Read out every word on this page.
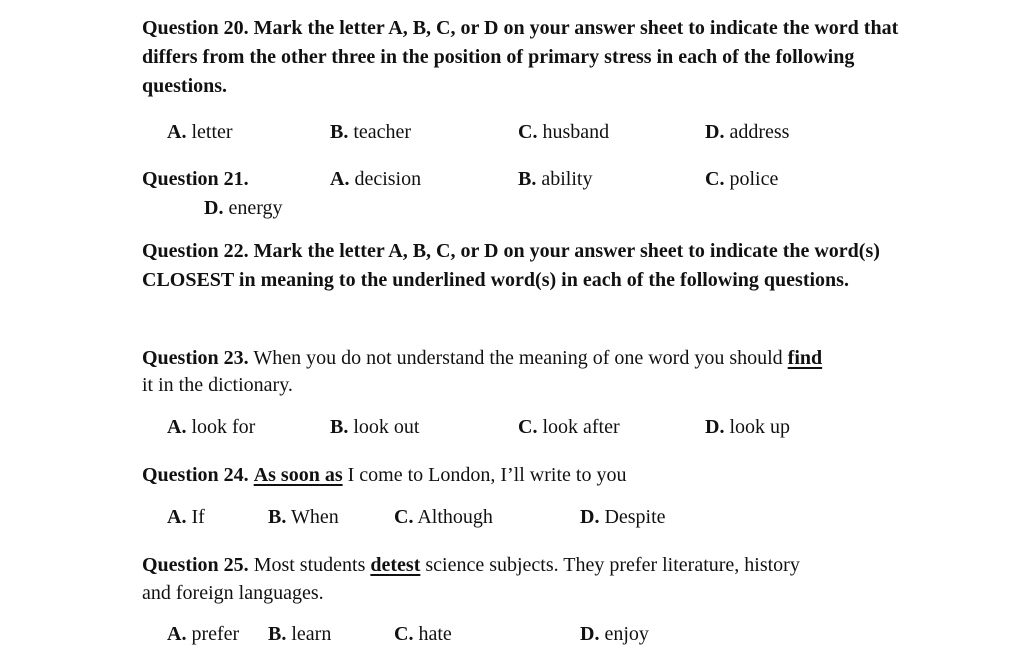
Question 20. Mark the letter A, B, C, or D on your answer sheet to indicate the word that differs from the other three in the position of primary stress in each of the following questions.
A. letter	B. teacher	C. husband	D. address
Question 21.	A. decision	B. ability	C. police
D. energy
Question 22. Mark the letter A, B, C, or D on your answer sheet to indicate the word(s) CLOSEST in meaning to the underlined word(s) in each of the following questions.
Question 23. When you do not understand the meaning of one word you should find
it in the dictionary.
A. look for	B. look out	C. look after	D. look up
Question 24. As soon as I come to London, I’ll write to you
A. If	B. When	C. Although	D. Despite
Question 25. Most students detest science subjects. They prefer literature, history
and foreign languages.
A. prefer B. learn	C. hate	D. enjoy
